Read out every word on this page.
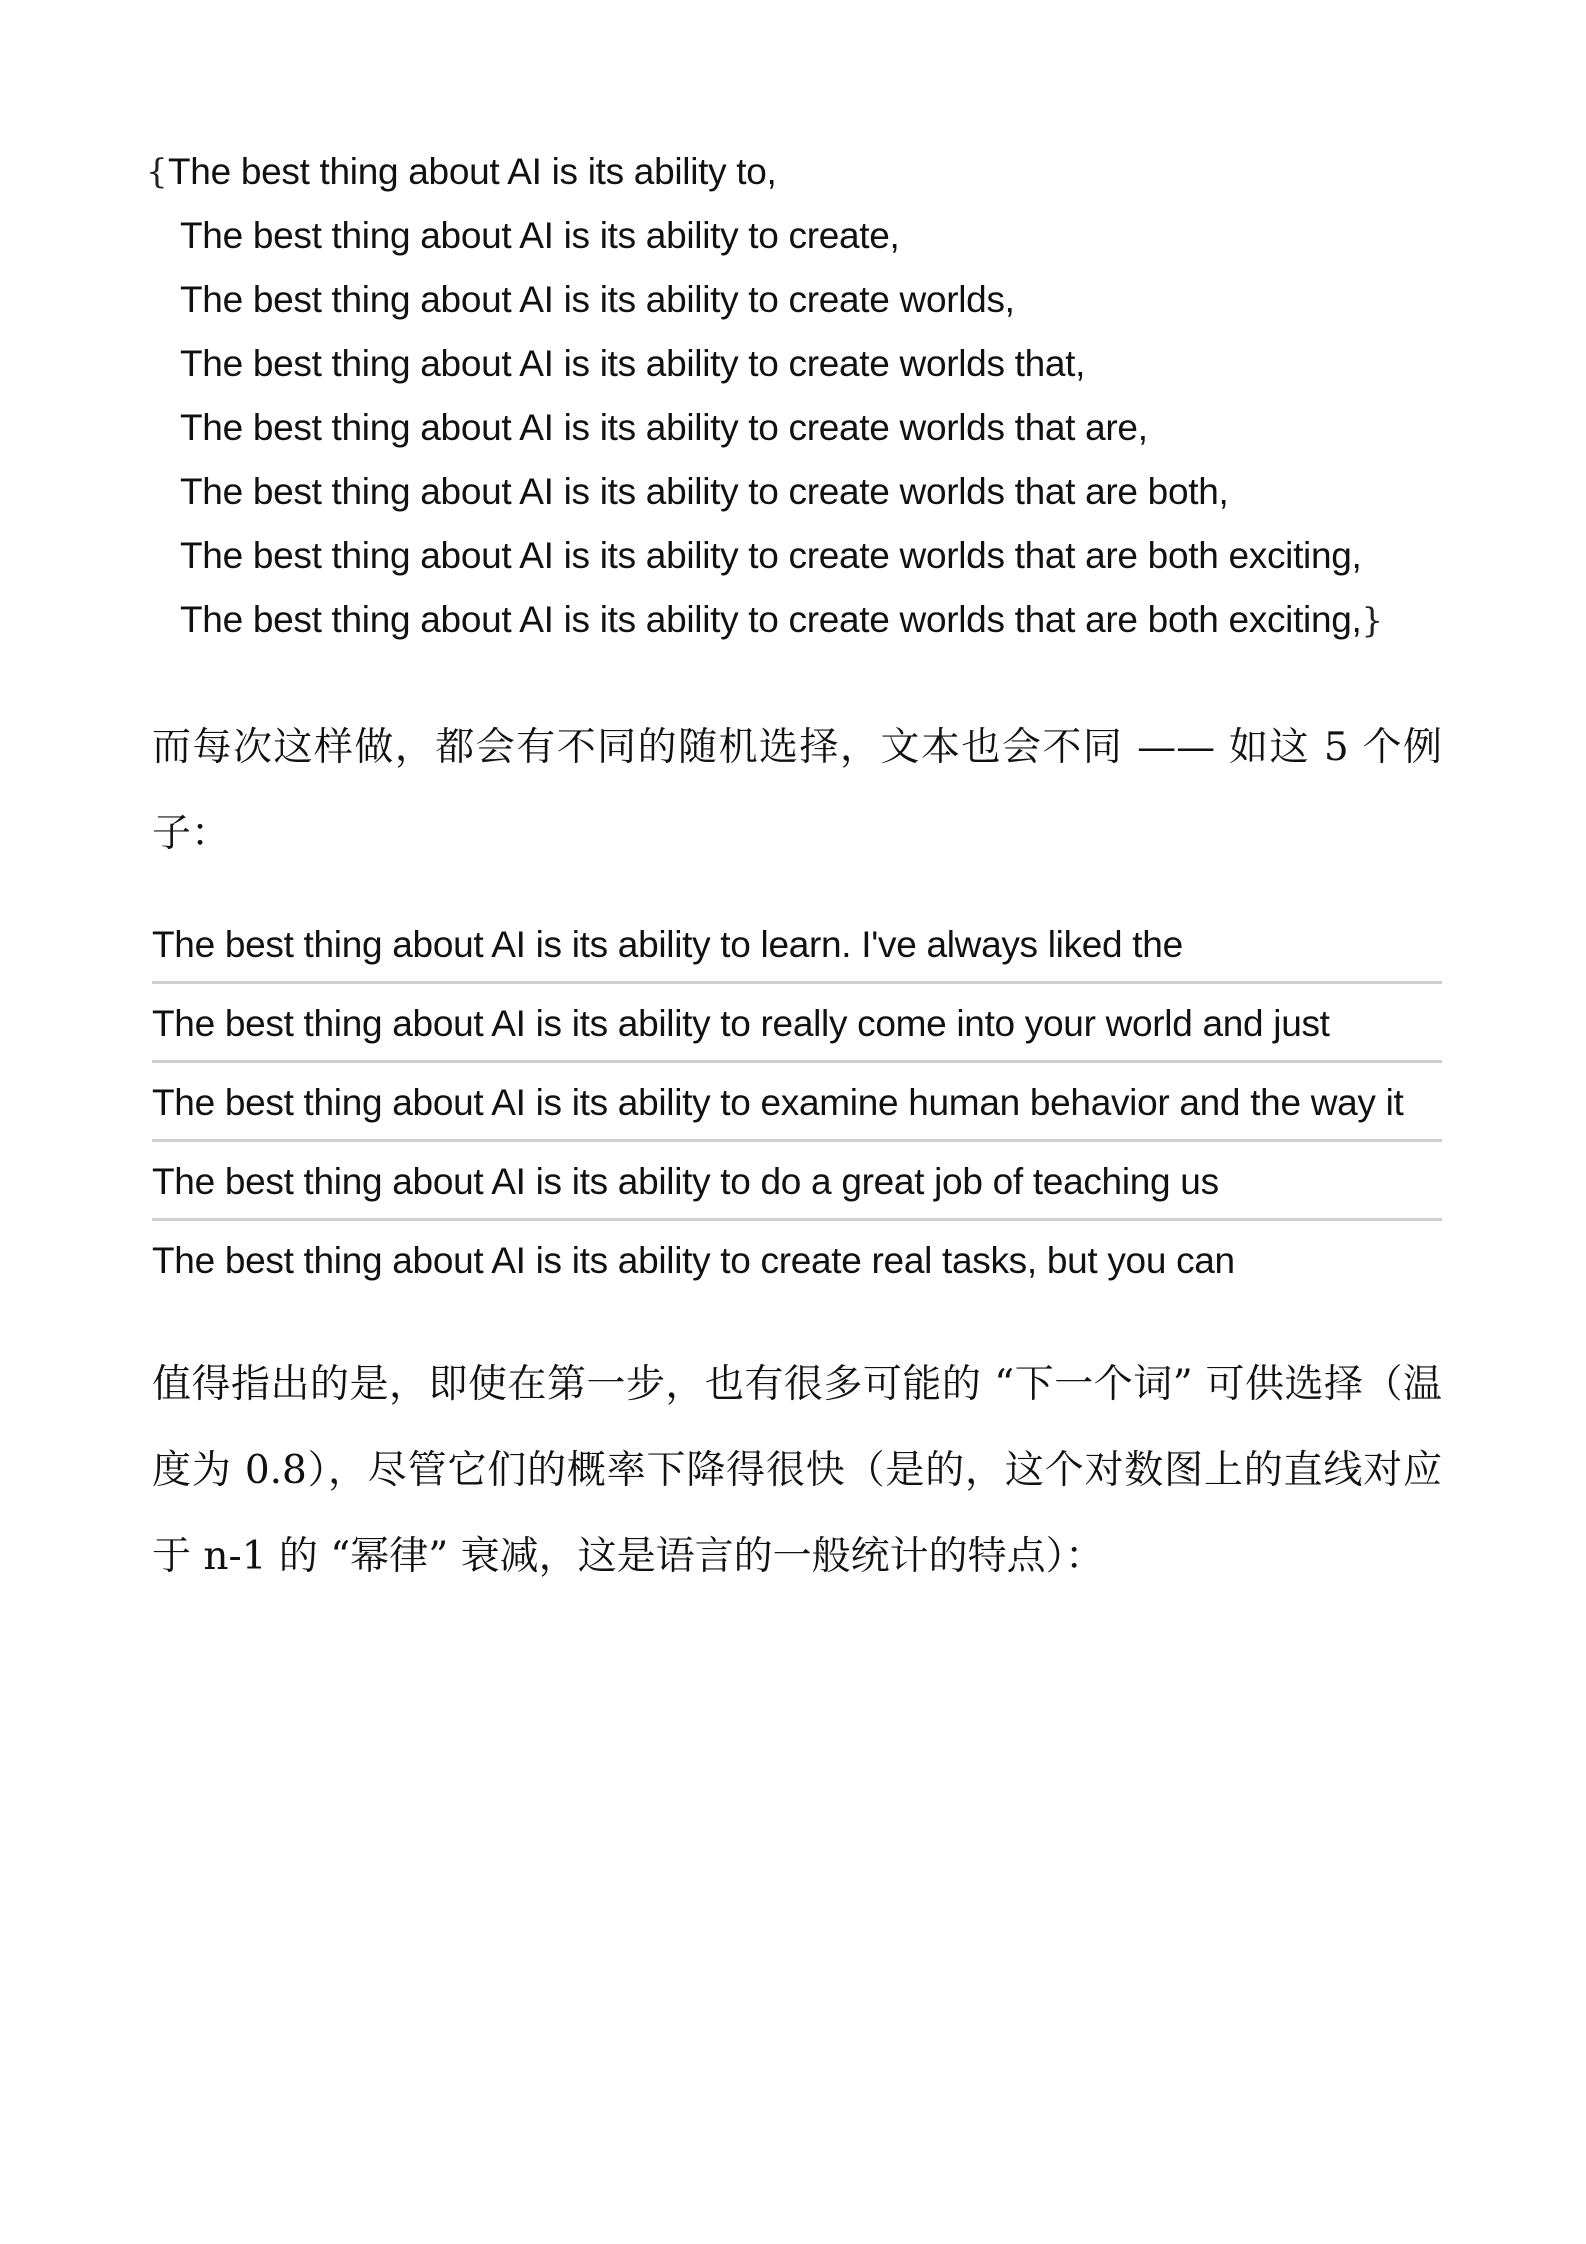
{ The best thing about AI is its ability to,
The best thing about AI is its ability to create,
The best thing about AI is its ability to create worlds,
The best thing about AI is its ability to create worlds that,
The best thing about AI is its ability to create worlds that are,
The best thing about AI is its ability to create worlds that are both,
The best thing about AI is its ability to create worlds that are both exciting,
The best thing about AI is its ability to create worlds that are both exciting,}

而每次这样做，都会有不同的随机选择，文本也会不同 —— 如这 5 个例子：

The best thing about AI is its ability to learn. I've always liked the
The best thing about AI is its ability to really come into your world and just
The best thing about AI is its ability to examine human behavior and the way it
The best thing about AI is its ability to do a great job of teaching us
The best thing about AI is its ability to create real tasks, but you can

值得指出的是，即使在第一步，也有很多可能的 “下一个词” 可供选择（温度为 0.8），尽管它们的概率下降得很快（是的，这个对数图上的直线对应于 n-1 的 “幂律” 衰减，这是语言的一般统计的特点）：
